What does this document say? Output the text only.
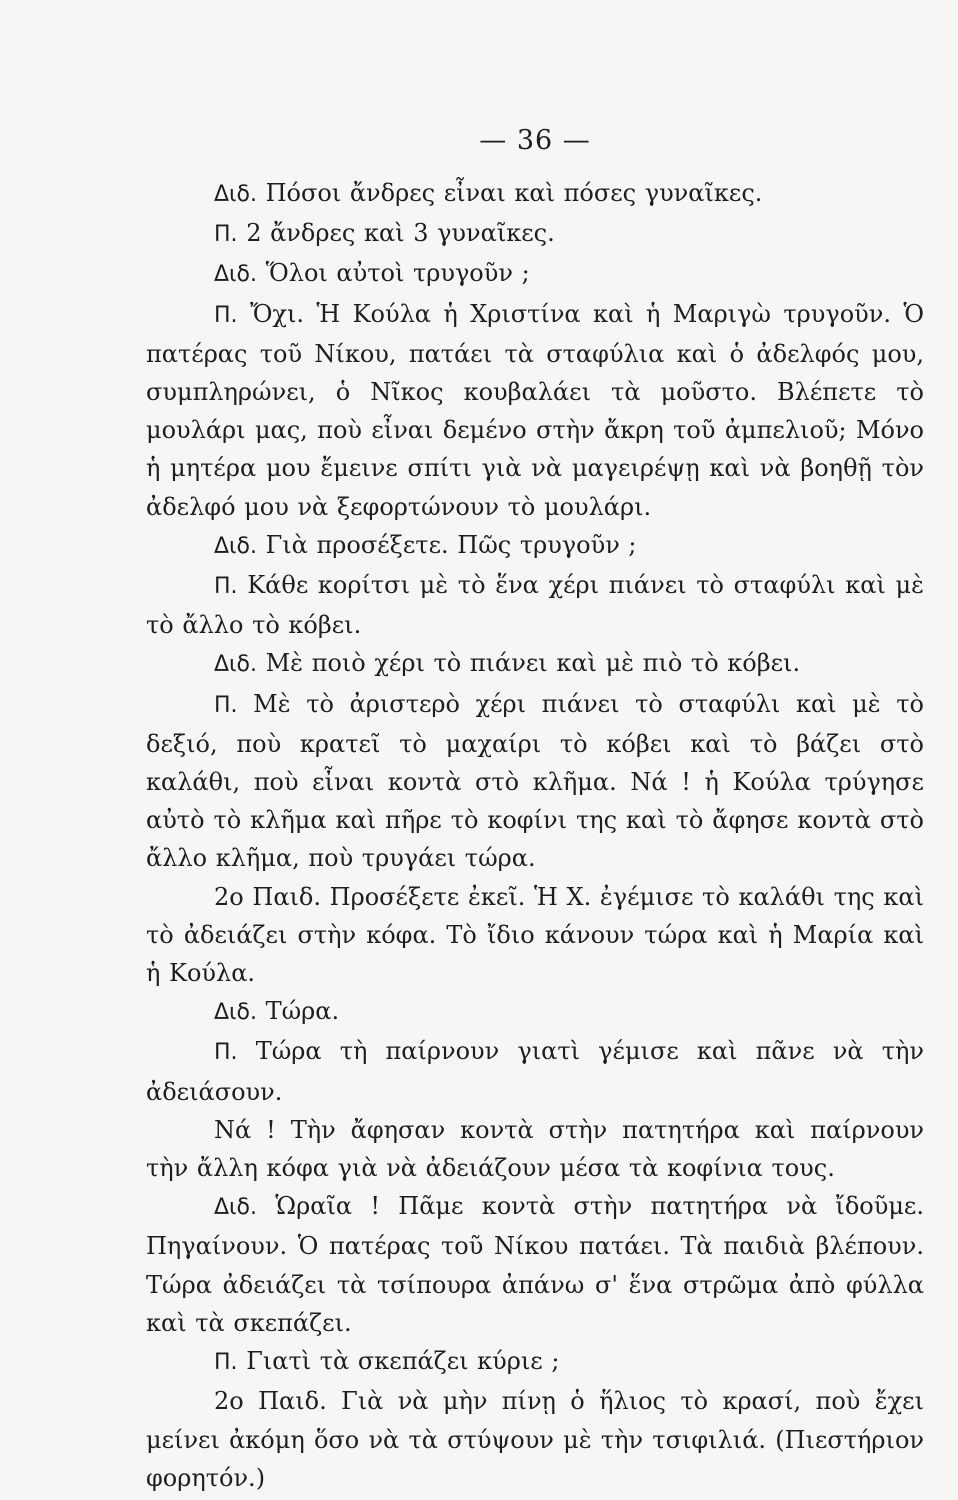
— 36 —

Διδ. Πόσοι ἄνδρες εἶναι καὶ πόσες γυναῖκες.

Π. 2 ἄνδρες καὶ 3 γυναῖκες.

Διδ. Ὅλοι αὐτοὶ τρυγοῦν ;

Π. Ὄχι. Ἡ Κούλα ἡ Χριστίνα καὶ ἡ Μαριγὼ τρυγοῦν. Ὁ πατέρας τοῦ Νίκου, πατάει τὰ σταφύλια καὶ ὁ ἀδελφός μου, συμπληρώνει, ὁ Νῖκος κουβαλάει τὰ μοῦστο. Βλέπετε τὸ μουλάρι μας, ποὺ εἶναι δεμένο στὴν ἄκρη τοῦ ἀμπελιοῦ; Μόνο ἡ μητέρα μου ἔμεινε σπίτι γιὰ νὰ μαγειρέψῃ καὶ νὰ βοηθῇ τὸν ἀδελφό μου νὰ ξεφορτώνουν τὸ μουλάρι.

Διδ. Γιὰ προσέξετε. Πῶς τρυγοῦν ;

Π. Κάθε κορίτσι μὲ τὸ ἕνα χέρι πιάνει τὸ σταφύλι καὶ μὲ τὸ ἄλλο τὸ κόβει.

Διδ. Μὲ ποιὸ χέρι τὸ πιάνει καὶ μὲ πιὸ τὸ κόβει.

Π. Μὲ τὸ ἀριστερὸ χέρι πιάνει τὸ σταφύλι καὶ μὲ τὸ δεξιό, ποὺ κρατεῖ τὸ μαχαίρι τὸ κόβει καὶ τὸ βάζει στὸ καλάθι, ποὺ εἶναι κοντὰ στὸ κλῆμα. Νά ! ἡ Κούλα τρύγησε αὐτὸ τὸ κλῆμα καὶ πῆρε τὸ κοφίνι της καὶ τὸ ἄφησε κοντὰ στὸ ἄλλο κλῆμα, ποὺ τρυγάει τώρα.

2ο Παιδ. Προσέξετε ἐκεῖ. Ἡ Χ. ἐγέμισε τὸ καλάθι της καὶ τὸ ἀδειάζει στὴν κόφα. Τὸ ἴδιο κάνουν τώρα καὶ ἡ Μαρία καὶ ἡ Κούλα.

Διδ. Τώρα.

Π. Τώρα τὴ παίρνουν γιατὶ γέμισε καὶ πᾶνε νὰ τὴν ἀδειάσουν.

Νά ! Τὴν ἄφησαν κοντὰ στὴν πατητήρα καὶ παίρνουν τὴν ἄλλη κόφα γιὰ νὰ ἀδειάζουν μέσα τὰ κοφίνια τους.

Διδ. Ὡραῖα ! Πᾶμε κοντὰ στὴν πατητήρα νὰ ἴδοῦμε. Πηγαίνουν. Ὁ πατέρας τοῦ Νίκου πατάει. Τὰ παιδιὰ βλέπουν. Τώρα ἀδειάζει τὰ τσίπουρα ἀπάνω σ' ἕνα στρῶμα ἀπὸ φύλλα καὶ τὰ σκεπάζει.

Π. Γιατὶ τὰ σκεπάζει κύριε ;

2ο Παιδ. Γιὰ νὰ μὴν πίνῃ ὁ ἥλιος τὸ κρασί, ποὺ ἔχει μείνει ἀκόμη ὅσο νὰ τὰ στύψουν μὲ τὴν τσιφιλιά. (Πιεστήριον φορητόν.)
